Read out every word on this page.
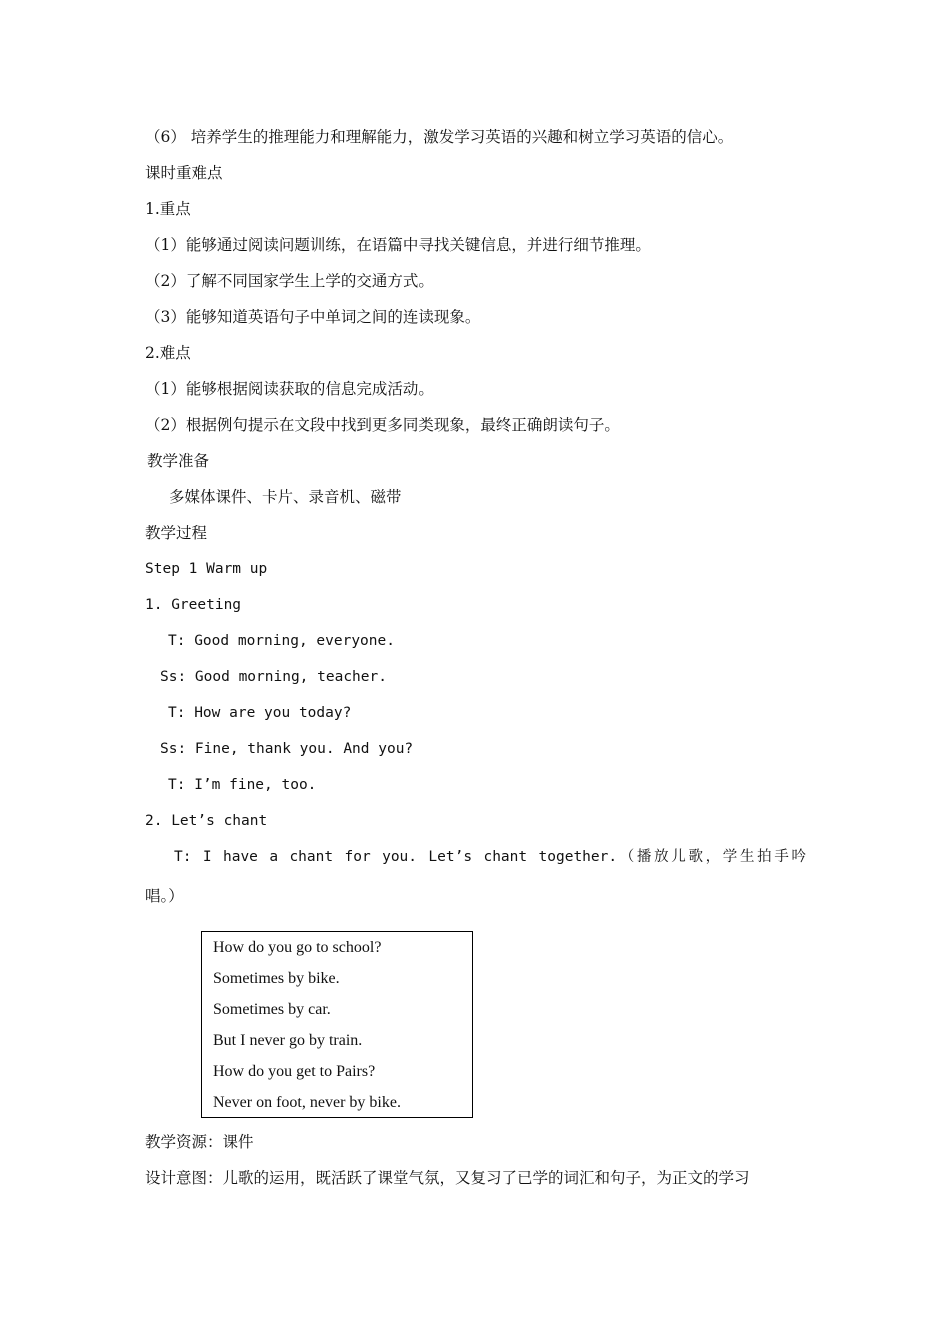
（6） 培养学生的推理能力和理解能力，激发学习英语的兴趣和树立学习英语的信心。
课时重难点
1.重点
（1）能够通过阅读问题训练，在语篇中寻找关键信息，并进行细节推理。
（2）了解不同国家学生上学的交通方式。
（3）能够知道英语句子中单词之间的连读现象。
2.难点
（1）能够根据阅读获取的信息完成活动。
（2）根据例句提示在文段中找到更多同类现象，最终正确朗读句子。
教学准备
多媒体课件、卡片、录音机、磁带
教学过程
Step 1 Warm up
1. Greeting
T: Good morning, everyone.
Ss: Good morning, teacher.
T: How are you today?
Ss: Fine, thank you. And you?
T: I’m fine, too.
2. Let’s chant
T: I have a chant for you. Let’s chant together.（播放儿歌，学生拍手吟
唱。）
How do you go to school?
Sometimes by bike.
Sometimes by car.
But I never go by train.
How do you get to Pairs?
Never on foot, never by bike.
教学资源：课件
设计意图：儿歌的运用，既活跃了课堂气氛，又复习了已学的词汇和句子，为正文的学习
